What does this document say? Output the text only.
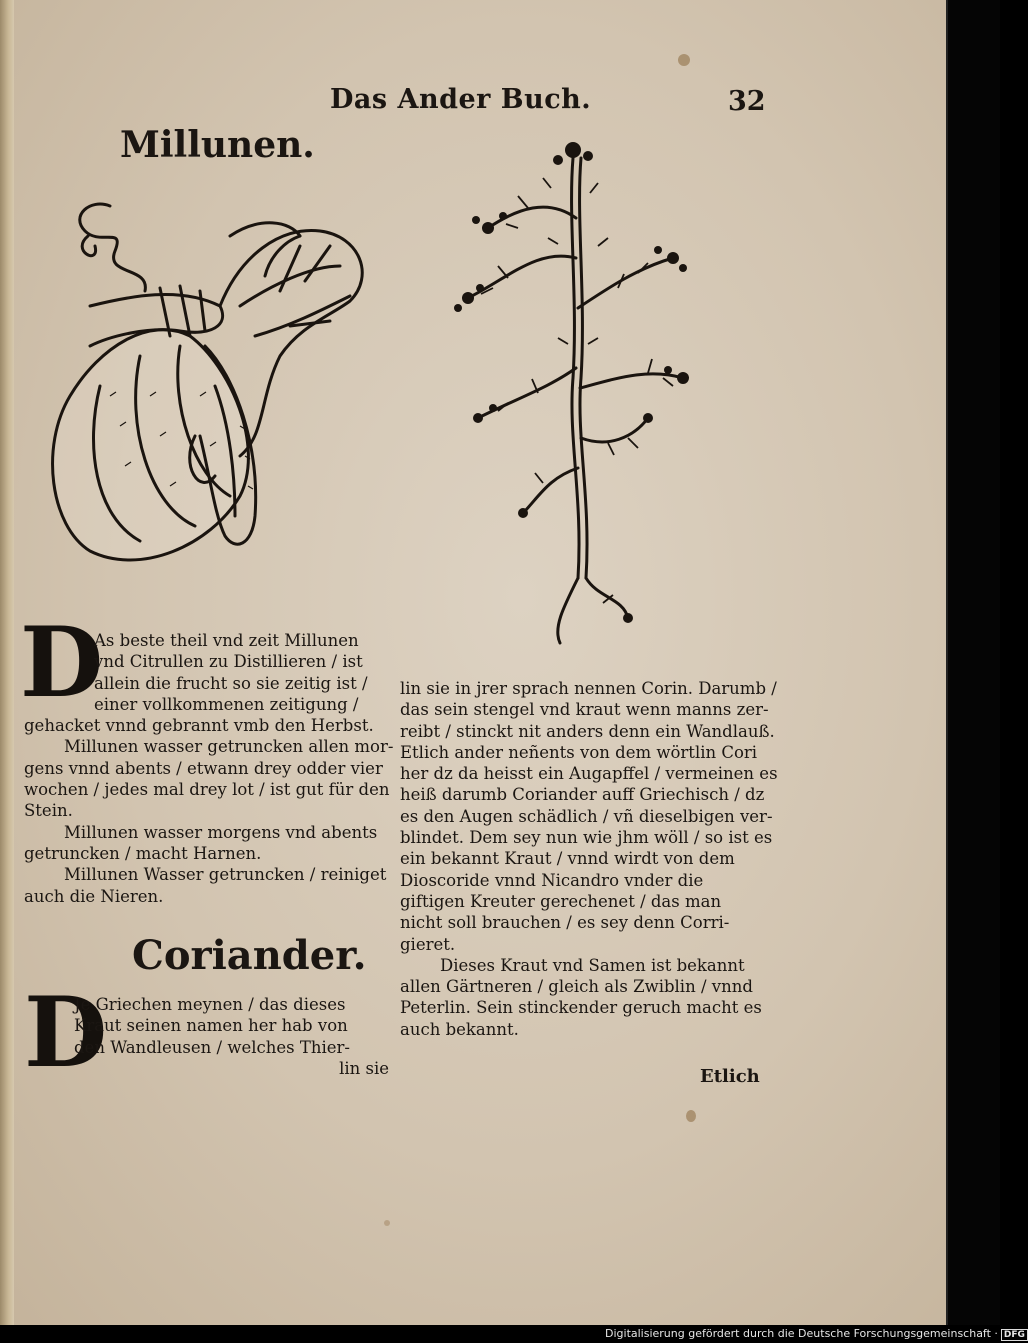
Das Ander Buch.	32
Millunen.
D
As beste theil vnd zeit Millunen
vnd Citrullen zu Distillieren / ist
allein die frucht so sie zeitig ist /
einer vollkommenen zeitigung /
gehacket vnnd gebrannt vmb den Herbst.
Millunen wasser getruncken allen mor-
gens vnnd abents / etwann drey odder vier
wochen / jedes mal drey lot / ist gut für den
Stein.
Millunen wasser morgens vnd abents
getruncken / macht Harnen.
Millunen Wasser getruncken / reiniget
auch die Nieren.
Coriander.
D
Je Griechen meynen / das dieses
Kraut seinen namen her hab von
den Wandleusen / welches Thier-
lin sie
lin sie in jrer sprach nennen Corin. Darumb /
das sein stengel vnd kraut wenn manns zer-
reibt / stinckt nit anders denn ein Wandlauß.
Etlich ander neñents von dem wörtlin Cori
her dz da heisst ein Augapffel / vermeinen es
heiß darumb Coriander auff Griechisch / dz
es den Augen schädlich / vñ dieselbigen ver-
blindet. Dem sey nun wie jhm wöll / so ist es
ein bekannt Kraut / vnnd wirdt von dem
Dioscoride vnnd Nicandro vnder die
giftigen Kreuter gerechenet / das man
nicht soll brauchen / es sey denn Corri-
gieret.
Dieses Kraut vnd Samen ist bekannt
allen Gärtneren / gleich als Zwiblin / vnnd
Peterlin. Sein stinckender geruch macht es
auch bekannt.
Etlich
Digitalisierung gefördert durch die Deutsche Forschungsgemeinschaft · DFG
